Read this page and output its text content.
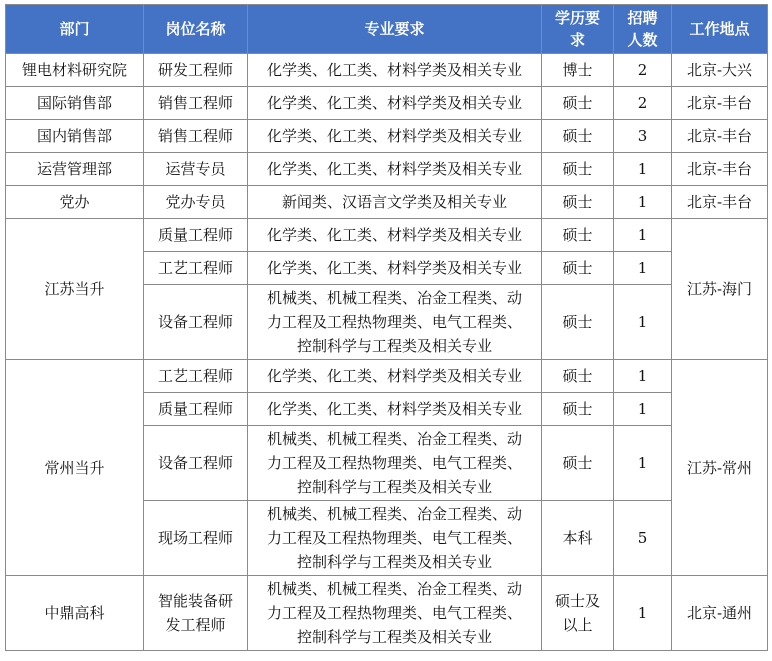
部门	岗位名称	专业要求	学历要求	招聘人数	工作地点
锂电材料研究院	研发工程师	化学类、化工类、材料学类及相关专业	博士	2	北京-大兴
国际销售部	销售工程师	化学类、化工类、材料学类及相关专业	硕士	2	北京-丰台
国内销售部	销售工程师	化学类、化工类、材料学类及相关专业	硕士	3	北京-丰台
运营管理部	运营专员	化学类、化工类、材料学类及相关专业	硕士	1	北京-丰台
党办	党办专员	新闻类、汉语言文学类及相关专业	硕士	1	北京-丰台
江苏当升	质量工程师	化学类、化工类、材料学类及相关专业	硕士	1	江苏-海门
	工艺工程师	化学类、化工类、材料学类及相关专业	硕士	1	
	设备工程师	机械类、机械工程类、冶金工程类、动
力工程及工程热物理类、电气工程类、
控制科学与工程类及相关专业	硕士	1	
常州当升	工艺工程师	化学类、化工类、材料学类及相关专业	硕士	1	江苏-常州
	质量工程师	化学类、化工类、材料学类及相关专业	硕士	1	
	设备工程师	机械类、机械工程类、冶金工程类、动
力工程及工程热物理类、电气工程类、
控制科学与工程类及相关专业	硕士	1	
	现场工程师	机械类、机械工程类、冶金工程类、动
力工程及工程热物理类、电气工程类、
控制科学与工程类及相关专业	本科	5	
中鼎高科	智能装备研
发工程师	机械类、机械工程类、冶金工程类、动
力工程及工程热物理类、电气工程类、
控制科学与工程类及相关专业	硕士及
以上	1	北京-通州
